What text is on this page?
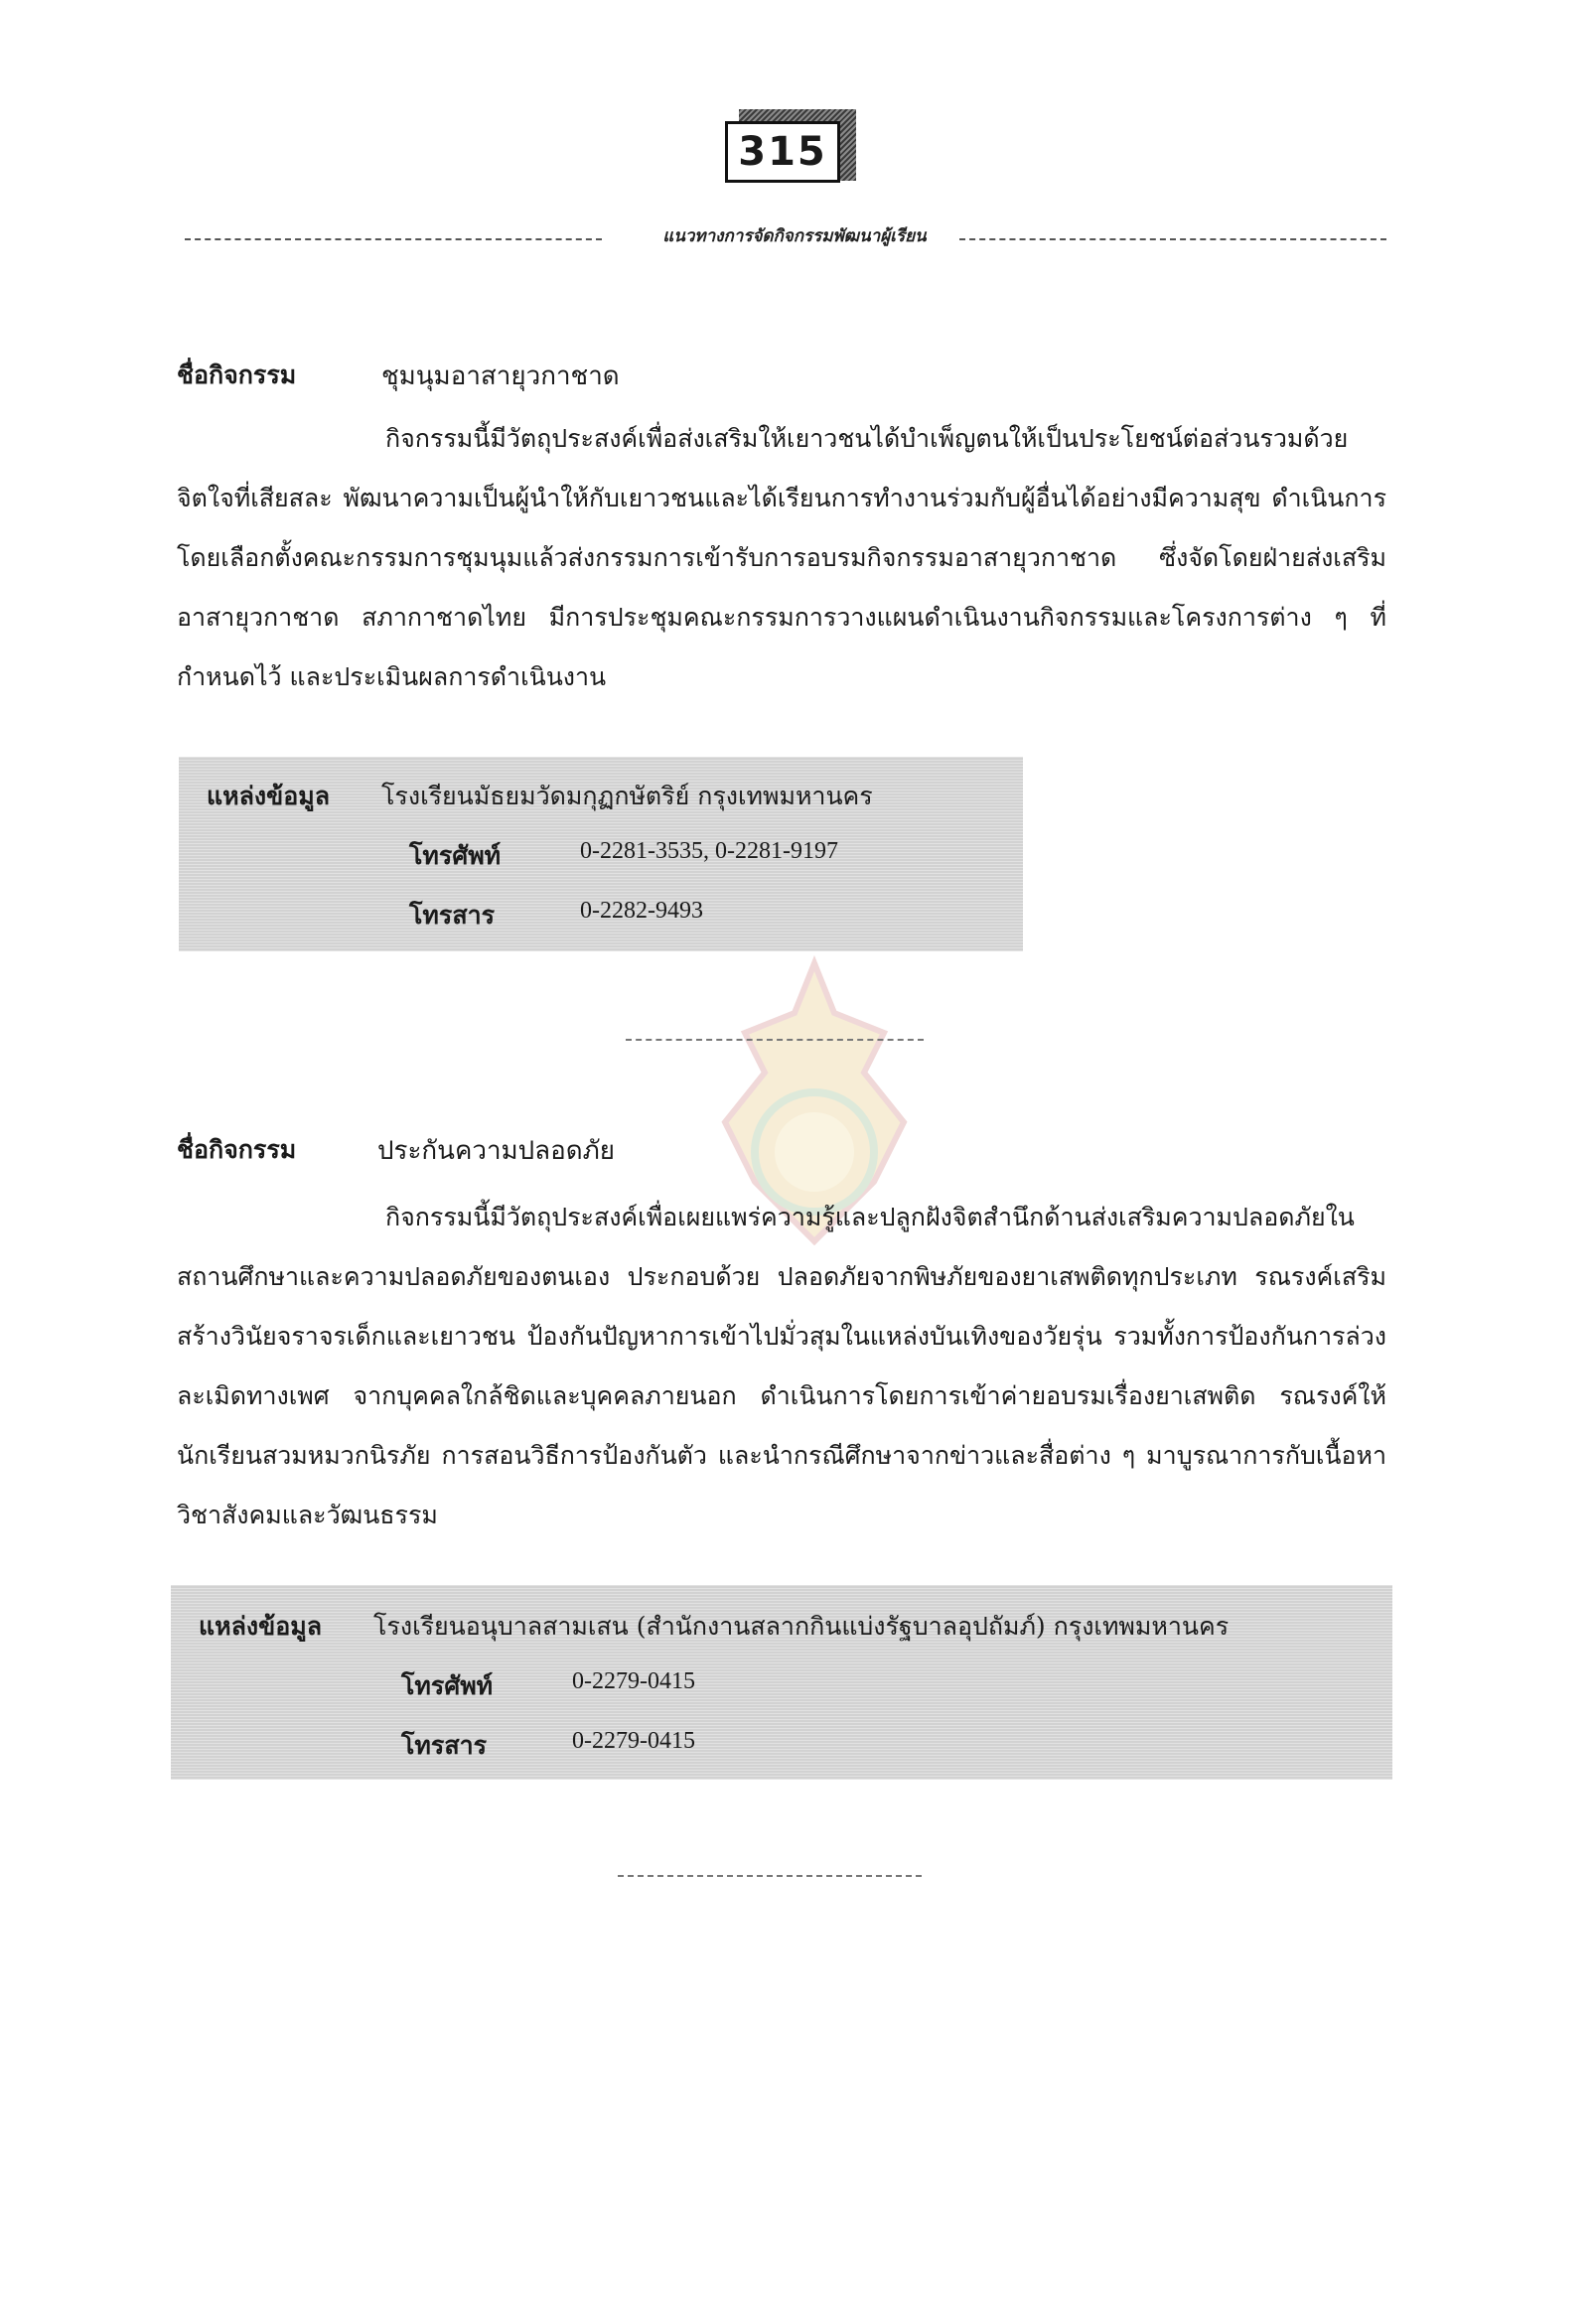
315
แนวทางการจัดกิจกรรมพัฒนาผู้เรียน
ชื่อกิจกรรม	ชุมนุมอาสายุวกาชาด
กิจกรรมนี้มีวัตถุประสงค์เพื่อส่งเสริมให้เยาวชนได้บำเพ็ญตนให้เป็นประโยชน์ต่อส่วนรวมด้วยจิตใจที่เสียสละ พัฒนาความเป็นผู้นำให้กับเยาวชนและได้เรียนการทำงานร่วมกับผู้อื่นได้อย่างมีความสุข ดำเนินการโดยเลือกตั้งคณะกรรมการชุมนุมแล้วส่งกรรมการเข้ารับการอบรมกิจกรรมอาสายุวกาชาด ซึ่งจัดโดยฝ่ายส่งเสริมอาสายุวกาชาด สภากาชาดไทย มีการประชุมคณะกรรมการวางแผนดำเนินงานกิจกรรมและโครงการต่าง ๆ ที่กำหนดไว้ และประเมินผลการดำเนินงาน
แหล่งข้อมูล โรงเรียนมัธยมวัดมกุฏกษัตริย์ กรุงเทพมหานคร
โทรศัพท์	0-2281-3535, 0-2281-9197
โทรสาร	0-2282-9493
ชื่อกิจกรรม	ประกันความปลอดภัย
กิจกรรมนี้มีวัตถุประสงค์เพื่อเผยแพร่ความรู้และปลูกฝังจิตสำนึกด้านส่งเสริมความปลอดภัยในสถานศึกษาและความปลอดภัยของตนเอง ประกอบด้วย ปลอดภัยจากพิษภัยของยาเสพติดทุกประเภท รณรงค์เสริมสร้างวินัยจราจรเด็กและเยาวชน ป้องกันปัญหาการเข้าไปมั่วสุมในแหล่งบันเทิงของวัยรุ่น รวมทั้งการป้องกันการล่วงละเมิดทางเพศ จากบุคคลใกล้ชิดและบุคคลภายนอก ดำเนินการโดยการเข้าค่ายอบรมเรื่องยาเสพติด รณรงค์ให้นักเรียนสวมหมวกนิรภัย การสอนวิธีการป้องกันตัว และนำกรณีศึกษาจากข่าวและสื่อต่าง ๆ มาบูรณาการกับเนื้อหาวิชาสังคมและวัฒนธรรม
แหล่งข้อมูล โรงเรียนอนุบาลสามเสน (สำนักงานสลากกินแบ่งรัฐบาลอุปถัมภ์) กรุงเทพมหานคร
โทรศัพท์	0-2279-0415
โทรสาร	0-2279-0415
